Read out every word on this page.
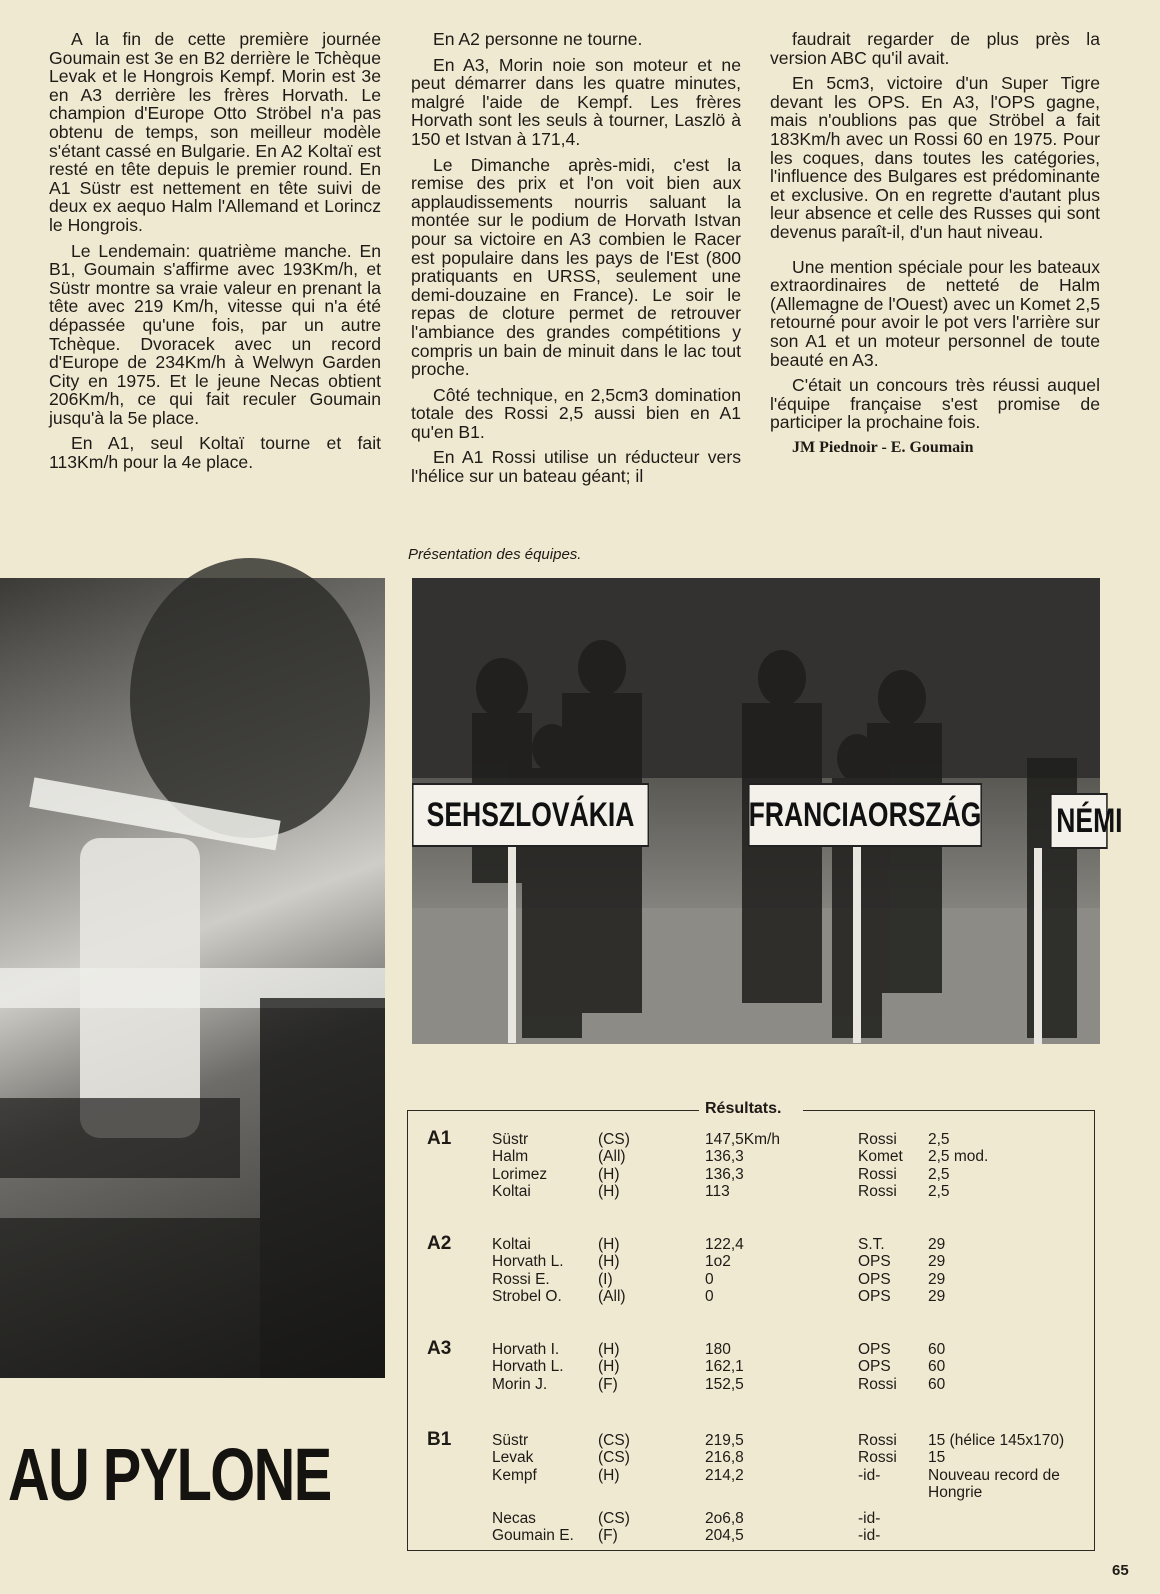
A la fin de cette première journée Goumain est 3e en B2 derrière le Tchèque Levak et le Hongrois Kempf. Morin est 3e en A3 derrière les frères Horvath. Le champion d'Europe Otto Ströbel n'a pas obtenu de temps, son meilleur modèle s'étant cassé en Bulgarie. En A2 Koltaï est resté en tête depuis le premier round. En A1 Süstr est nettement en tête suivi de deux ex aequo Halm l'Allemand et Lorincz le Hongrois.

Le Lendemain: quatrième manche. En B1, Goumain s'affirme avec 193Km/h, et Süstr montre sa vraie valeur en prenant la tête avec 219 Km/h, vitesse qui n'a été dépassée qu'une fois, par un autre Tchèque. Dvoracek avec un record d'Europe de 234Km/h à Welwyn Garden City en 1975. Et le jeune Necas obtient 206Km/h, ce qui fait reculer Goumain jusqu'à la 5e place.

En A1, seul Koltaï tourne et fait 113Km/h pour la 4e place.

En A2 personne ne tourne.

En A3, Morin noie son moteur et ne peut démarrer dans les quatre minutes, malgré l'aide de Kempf. Les frères Horvath sont les seuls à tourner, Laszlö à 150 et Istvan à 171,4.

Le Dimanche après-midi, c'est la remise des prix et l'on voit bien aux applaudissements nourris saluant la montée sur le podium de Horvath Istvan pour sa victoire en A3 combien le Racer est populaire dans les pays de l'Est (800 pratiquants en URSS, seulement une demi-douzaine en France). Le soir le repas de cloture permet de retrouver l'ambiance des grandes compétitions y compris un bain de minuit dans le lac tout proche.

Côté technique, en 2,5cm3 domination totale des Rossi 2,5 aussi bien en A1 qu'en B1.

En A1 Rossi utilise un réducteur vers l'hélice sur un bateau géant; il

faudrait regarder de plus près la version ABC qu'il avait.

En 5cm3, victoire d'un Super Tigre devant les OPS. En A3, l'OPS gagne, mais n'oublions pas que Ströbel a fait 183Km/h avec un Rossi 60 en 1975. Pour les coques, dans toutes les catégories, l'influence des Bulgares est prédominante et exclusive. On en regrette d'autant plus leur absence et celle des Russes qui sont devenus paraît-il, d'un haut niveau.

Une mention spéciale pour les bateaux extraordinaires de netteté de Halm (Allemagne de l'Ouest) avec un Komet 2,5 retourné pour avoir le pot vers l'arrière sur son A1 et un moteur personnel de toute beauté en A3.

C'était un concours très réussi auquel l'équipe française s'est promise de participer la prochaine fois.

JM Piednoir - E. Goumain

Présentation des équipes.
AU PYLONE
SEHSZLOVÁKIA	FRANCIAORSZÁG NÉMI
Résultats.
A1	Süstr	(CS)	147,5Km/h	Rossi 2,5
Halm	(All)	136,3	Komet 2,5 mod.
Lorimez	(H)	136,3	Rossi 2,5
Koltai	(H)	113	Rossi 2,5
A2	Koltai	(H)	122,4	S.T.	29
Horvath L. (H)	1o2	OPS 29
Rossi E.	(I)	0	OPS 29
Strobel O. (All)	0	OPS 29
A3	Horvath I.	(H)	180	OPS 60
Horvath L. (H)	162,1	OPS 60
Morin J.	(F)	152,5	Rossi 60
B1	Süstr	(CS)	219,5	Rossi 15 (hélice 145x170)
Levak	(CS)	216,8	Rossi 15
Kempf	(H)	214,2	-id-	Nouveau record de
Hongrie
Necas	(CS)	2o6,8	-id-
Goumain E. (F)	204,5	-id-
65
